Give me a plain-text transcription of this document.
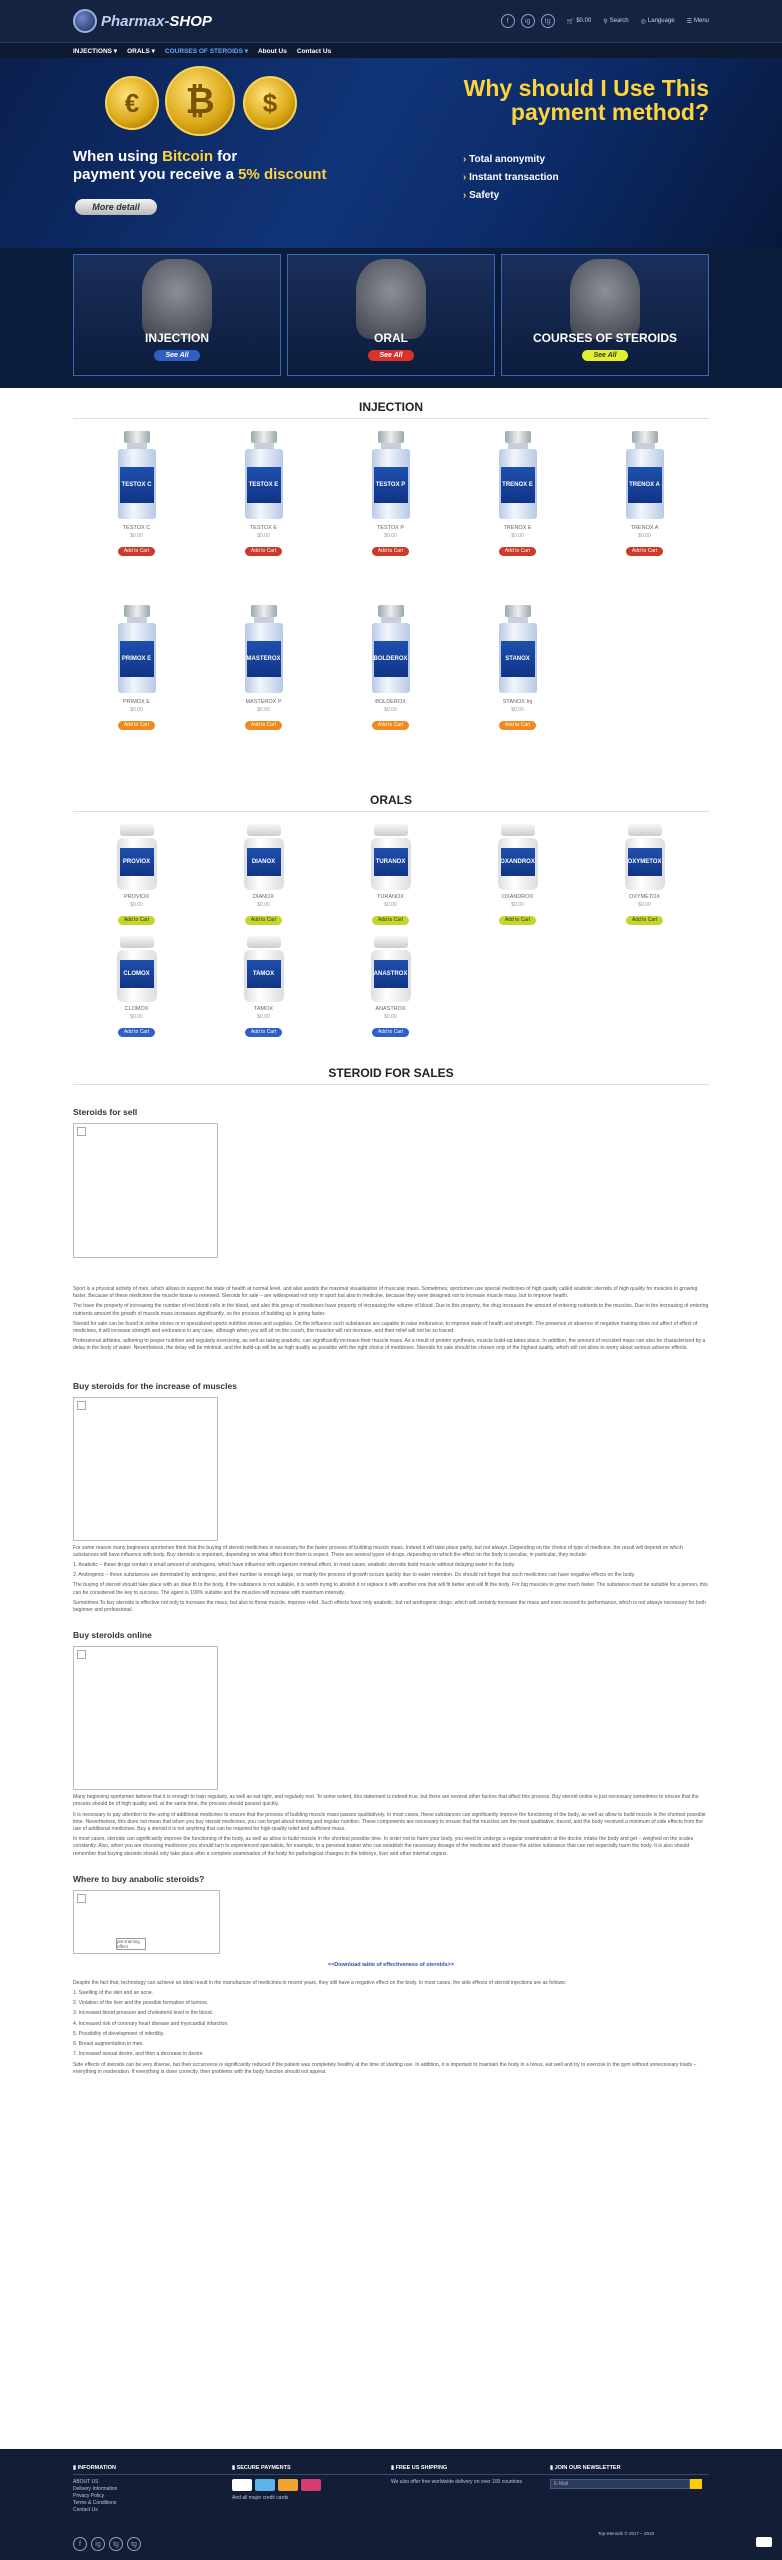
Pharmax-SHOP	f	ig	tg	🛒 $0.00 ⚲ Search ◎ Language ☰ Menu
INJECTIONS ▾ ORALS ▾ COURSES OF STEROIDS ▾ About Us Contact Us
€	₿	$
When using Bitcoin for
payment you receive a 5% discount
More detail
Why should I Use This payment method?
› Total anonymity
› Instant transaction
› Safety
INJECTION
See All
ORAL
See All
COURSES OF STEROIDS
See All
INJECTION
TESTOX C
TESTOX C
$0.00
Add to Cart
TESTOX E
TESTOX E
$0.00
Add to Cart
TESTOX P
TESTOX P
$0.00
Add to Cart
TRENOX E
TRENOX E
$0.00
Add to Cart
TRENOX A
TRENOX A
$0.00
Add to Cart
PRIMOX E
PRIMOX E
$0.00
Add to Cart
MASTEROX
MASTEROX P
$0.00
Add to Cart
BOLDEROX
BOLDEROX
$0.00
Add to Cart
STANOX
STANOX Inj
$0.00
Add to Cart
ORALS
PROVIOX
PROVIOX
$0.00
Add to Cart
DIANOX
DIANOX
$0.00
Add to Cart
TURANOX
TURANOX
$0.00
Add to Cart
OXANDROX
OXANDROX
$0.00
Add to Cart
OXYMETOX
OXYMETOX
$0.00
Add to Cart
CLOMOX
CLOMOX
$0.00
Add to Cart
TAMOX
TAMOX
$0.00
Add to Cart
ANASTROX
ANASTROX
$0.00
Add to Cart
STEROID FOR SALES
Steroids for sell

Sport is a physical activity of men, which allows to support the state of health at normal level, and also assists the maximal visualisation of muscular mass. Sometimes, sportsmen use special medicines of high quality called anabolic steroids of high quality for muscles to growing faster. Because of these medicines the muscle tissue is renewed. Steroids for sale – are widespread not only in sport but also in medicine, because they were designed not to increase muscle mass, but to improve health.

The have the property of increasing the number of red blood cells in the blood, and also this group of medicines have property of increasing the volume of blood. Due to this property, the drug increases the amount of entering nutrients to the muscles. Due to the increasing of entering nutrients amount the growth of muscle mass increases significantly, so the process of building up is going faster.

Steroid for sale can be found in online stores or in specialized sports nutrition stores and supplies. On the influence such substances are capable to raise endurance, to improve state of health and strength. The presence or absence of negative training does not affect of effect of medicines, it will increase strength and endurance in any case, although when you will sit on the couch, the muscles will not increase, and their relief will not be so traced.

Professional athletes, adhering to proper nutrition and regularly exercising, as well as taking anabolic, can significantly increase their muscle mass. As a result of protein synthesis, muscle build-up takes place. In addition, the amount of recruited mass can also be characterized by a delay in the body of water. Nevertheless, the delay will be minimal, and the build-up will be as high quality as possible with the right choice of medicines. Steroids for sale should be chosen only of the highest quality, which will not allow to worry about serious adverse effects.

Buy steroids for the increase of muscles

For some reason many beginners sportsmen think that the buying of steroid medicines is necessary for the faster process of building muscle mass. Indeed it will take place partly, but not always. Depending on the choice of type of medicine, the result will depend on which substances will have influence with body. Buy steroids is important, depending on what effect from them is expect. There are several types of drugs, depending on which the effect on the body is peculiar, in particular, they include:

1. Anabolic – these drugs contain a small amount of androgens, which have influence with organism minimal effect. In most cases, anabolic steroids build muscle without delaying water in the body.

2. Androgenic – these substances are dominated by androgens, and their number is enough large, so mainly the process of growth occurs quickly due to water retention. Do should not forget that such medicines can have negative effects on the body.

The buying of steroid should take place with an ideal fit to the body, if the substance is not suitable, it is worth trying to abolish it or replace it with another one that will fit better and will fit the body. For big muscles to grow much faster. The substance must be suitable for a person, this can be considered the key to success. The agent is 100% suitable and the muscles will increase with maximum intensity.

Sometimes To buy steroids is effective not only to increase the mass, but also to throw muscle, improve relief. Such effects have only anabolic, but not androgenic drugs, which will certainly increase the mass and even exceed its performance, which is not always necessary for both beginner and professional.

Buy steroids online

Many beginning sportsmen believe that it is enough to train regularly, as well as eat right, and regularly rest. To some extent, this statement is indeed true, but there are several other factors that affect this process. Buy steroid online is just necessary sometimes to ensure that the process should be of high quality and, at the same time, the process should passed quickly.

It is necessary to pay attention to the using of additional medicines to ensure that the process of building muscle mass passes qualitatively. In most cases, these substances can significantly improve the functioning of the body, as well as allow to build muscle in the shortest possible time. Nevertheless, this does not mean that when you buy steroid medicines, you can forget about training and regular nutrition. These components are necessary to ensure that the muscles are the most qualitative, traced, and the body received a minimum of side effects from the use of additional medicines. Buy a steroid it is not anything that can be required for high-quality relief and sufficient mass.

In most cases, steroids can significantly improve the functioning of the body, as well as allow to build muscle in the shortest possible time. In order not to harm your body, you need to undergo a regular examination at the doctor, intake the body and get – weighed on the scales constantly. Also, when you are choosing medicines you should turn to experienced specialists, for example, to a personal trainer who can establish the necessary dosage of the medicine and choose the active substance that can not especially harm the body. It is also should remember that buying steroids should only take place after a complete examination of the body for pathological changes in the kidneys, liver and other internal organs.

Where to buy anabolic steroids?
pre-training effect
<<Download table of effectiveness of steroids>>

Despite the fact that, technology can achieve an ideal result in the manufacture of medicines in recent years, they still have a negative effect on the body. In most cases, the side effects of steroid injections are as follows:

1. Swelling of the skin and an acne.

2. Violation of the liver and the possible formation of tumors.

3. Increased blood pressure and cholesterol level in the blood.

4. Increased risk of coronary heart disease and myocardial infarction.

5. Possibility of development of infertility.

6. Breast augmentation in men.

7. Increased sexual desire, and then a decrease in desire.

Side effects of steroids can be very diverse, but their occurrence is significantly reduced if the patient was completely healthy at the time of starting use. In addition, it is important to maintain the body in a tonus, eat well and try to exercise in the gym without unnecessary loads – everything in moderation. If everything is done correctly, then problems with the body function should not appear.

▮ INFORMATION
ABOUT US
Delivery Information
Privacy Policy
Terms & Conditions
Contact Us
▮ SECURE PAYMENTS
And all major credit cards
▮ FREE US SHIPPING
We also offer free worldwide delivery on over 100 countries
▮ JOIN OUR NEWSLETTER
E-Mail
f	ig	tg	tg
Top-Steroids © 2017 – 2019
